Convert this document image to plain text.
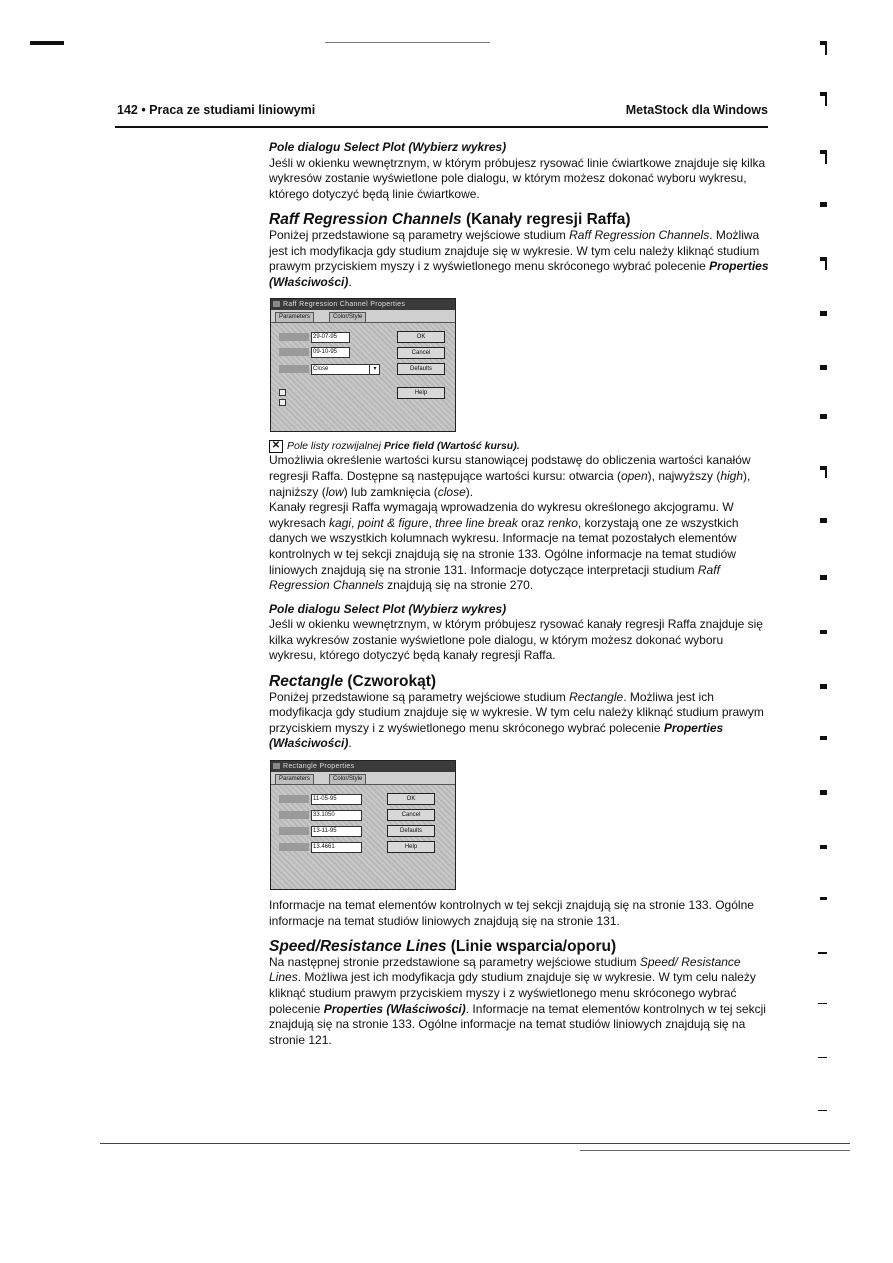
142 • Praca ze studiami liniowymi	MetaStock dla Windows

Pole dialogu Select Plot (Wybierz wykres)

Jeśli w okienku wewnętrznym, w którym próbujesz rysować linie ćwiartkowe znajduje się kilka wykresów zostanie wyświetlone pole dialogu, w którym możesz dokonać wyboru wykresu, którego dotyczyć będą linie ćwiartkowe.

Raff Regression Channels (Kanały regresji Raffa)

Poniżej przedstawione są parametry wejściowe studium Raff Regression Channels. Możliwa jest ich modyfikacja gdy studium znajduje się w wykresie. W tym celu należy kliknąć studium prawym przyciskiem myszy i z wyświetlonego menu skróconego wybrać polecenie Properties (Właściwości).

Raff Regression Channel Properties
Parameters	Color/Style
29-07-95
09-10-95
Close	▾
OK
Cancel
Defaults
Help
✕ Pole listy rozwijalnej Price field (Wartość kursu).

Umożliwia określenie wartości kursu stanowiącej podstawę do obliczenia wartości kanałów regresji Raffa. Dostępne są następujące wartości kursu: otwarcia (open), najwyższy (high), najniższy (low) lub zamknięcia (close).

Kanały regresji Raffa wymagają wprowadzenia do wykresu określonego akcjogramu. W wykresach kagi, point & figure, three line break oraz renko, korzystają one ze wszystkich danych we wszystkich kolumnach wykresu. Informacje na temat pozostałych elementów kontrolnych w tej sekcji znajdują się na stronie 133. Ogólne informacje na temat studiów liniowych znajdują się na stronie 131. Informacje dotyczące interpretacji studium Raff Regression Channels znajdują się na stronie 270.

Pole dialogu Select Plot (Wybierz wykres)

Jeśli w okienku wewnętrznym, w którym próbujesz rysować kanały regresji Raffa znajduje się kilka wykresów zostanie wyświetlone pole dialogu, w którym możesz dokonać wyboru wykresu, którego dotyczyć będą kanały regresji Raffa.

Rectangle (Czworokąt)

Poniżej przedstawione są parametry wejściowe studium Rectangle. Możliwa jest ich modyfikacja gdy studium znajduje się w wykresie. W tym celu należy kliknąć studium prawym przyciskiem myszy i z wyświetlonego menu skróconego wybrać polecenie Properties (Właściwości).

Rectangle Properties
Parameters	Color/Style
11-05-95
33.1050
13-11-95
13.4661
OK
Cancel
Defaults
Help

Informacje na temat elementów kontrolnych w tej sekcji znajdują się na stronie 133. Ogólne informacje na temat studiów liniowych znajdują się na stronie 131.

Speed/Resistance Lines (Linie wsparcia/oporu)

Na następnej stronie przedstawione są parametry wejściowe studium Speed/ Resistance Lines. Możliwa jest ich modyfikacja gdy studium znajduje się w wykresie. W tym celu należy kliknąć studium prawym przyciskiem myszy i z wyświetlonego menu skróconego wybrać polecenie Properties (Właściwości). Informacje na temat elementów kontrolnych w tej sekcji znajdują się na stronie 133. Ogólne informacje na temat studiów liniowych znajdują się na stronie 121.
